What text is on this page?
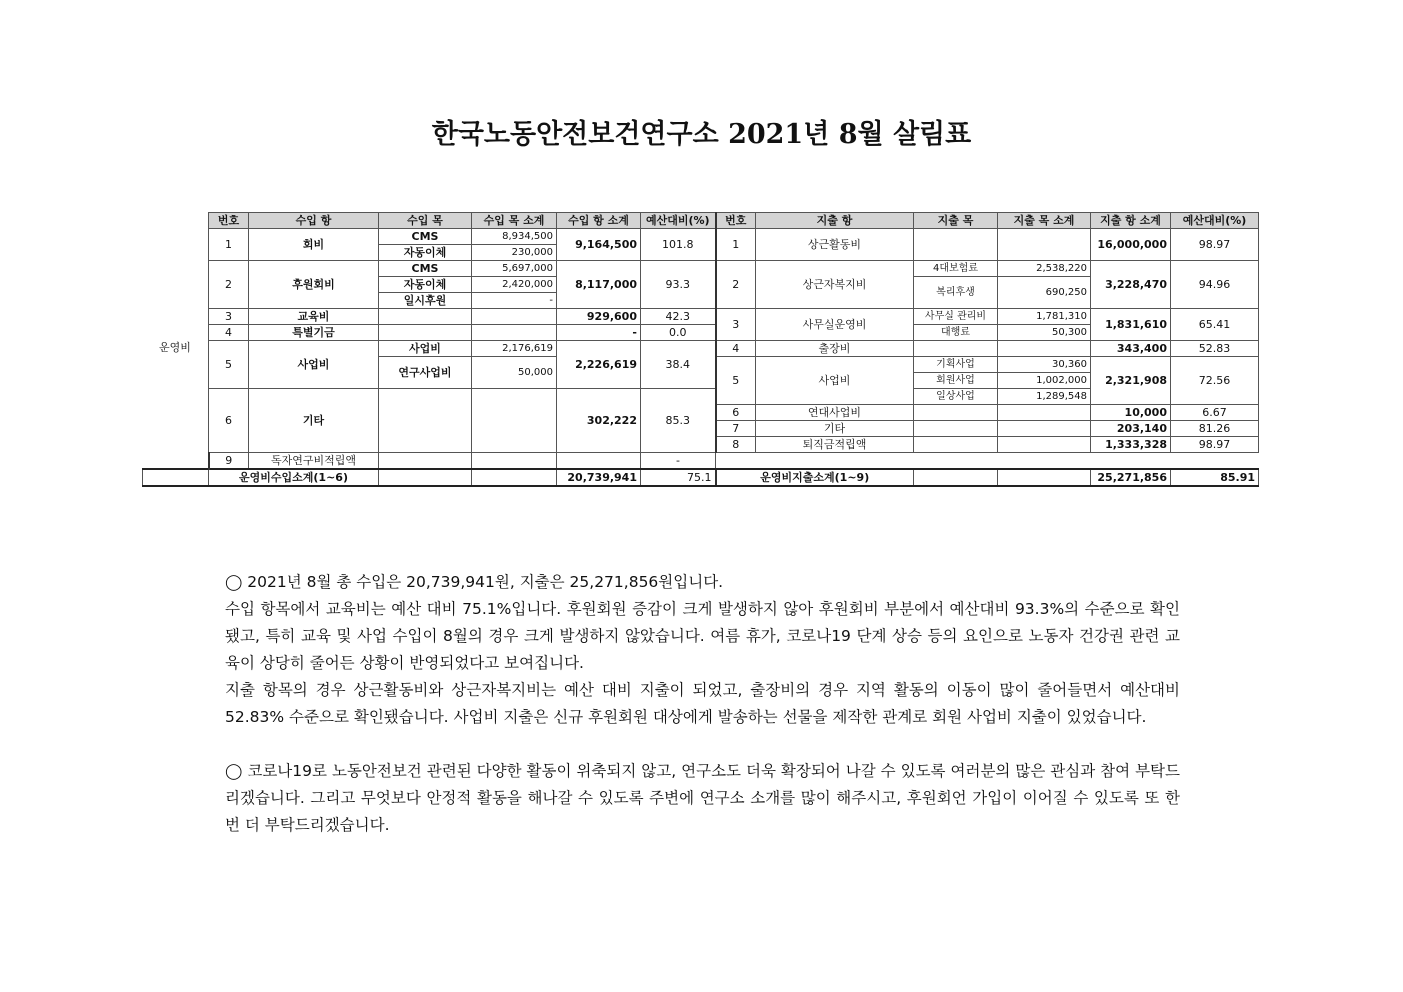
한국노동안전보건연구소 2021년 8월 살림표
	번호	수입 항	수입 목	수입 목 소계	수입 항 소계	예산대비(%)	번호	지출 항	지출 목	지출 목 소계	지출 항 소계	예산대비(%)
운영비	1	회비	CMS	8,934,500	9,164,500	101.8	1	상근활동비			16,000,000	98.97
			자동이체	230,000								
	2	후원회비	CMS	5,697,000	8,117,000	93.3	2	상근자복지비	4대보험료	2,538,220	3,228,470	94.96
			자동이체	2,420,000					복리후생	690,250		
			일시후원	-								
	3	교육비			929,600	42.3	3	사무실운영비	사무실 관리비	1,781,310	1,831,610	65.41
	4	특별기금			-	0.0			대행료	50,300		
	5	사업비	사업비	2,176,619	2,226,619	38.4	4	출장비			343,400	52.83
			연구사업비	50,000			5	사업비	기획사업	30,360	2,321,908	72.56
									회원사업	1,002,000		
	6	기타			302,222	85.3			일상사업	1,289,548		
							6	연대사업비			10,000	6.67
							7	기타			203,140	81.26
							8	퇴직금적립액			1,333,328	98.97
	9	독자연구비적립액				-						
	운영비수입소계(1~6)				20,739,941	75.1	운영비지출소계(1~9)				25,271,856	85.91

◯ 2021년 8월 총 수입은 20,739,941원, 지출은 25,271,856원입니다.

수입 항목에서 교육비는 예산 대비 75.1%입니다. 후원회원 증감이 크게 발생하지 않아 후원회비 부분에서 예산대비 93.3%의 수준으로 확인됐고, 특히 교육 및 사업 수입이 8월의 경우 크게 발생하지 않았습니다. 여름 휴가, 코로나19 단계 상승 등의 요인으로 노동자 건강권 관련 교육이 상당히 줄어든 상황이 반영되었다고 보여집니다.

지출 항목의 경우 상근활동비와 상근자복지비는 예산 대비 지출이 되었고, 출장비의 경우 지역 활동의 이동이 많이 줄어들면서 예산대비 52.83% 수준으로 확인됐습니다. 사업비 지출은 신규 후원회원 대상에게 발송하는 선물을 제작한 관계로 회원 사업비 지출이 있었습니다.

◯ 코로나19로 노동안전보건 관련된 다양한 활동이 위축되지 않고, 연구소도 더욱 확장되어 나갈 수 있도록 여러분의 많은 관심과 참여 부탁드리겠습니다. 그리고 무엇보다 안정적 활동을 해나갈 수 있도록 주변에 연구소 소개를 많이 해주시고, 후원회언 가입이 이어질 수 있도록 또 한 번 더 부탁드리겠습니다.
